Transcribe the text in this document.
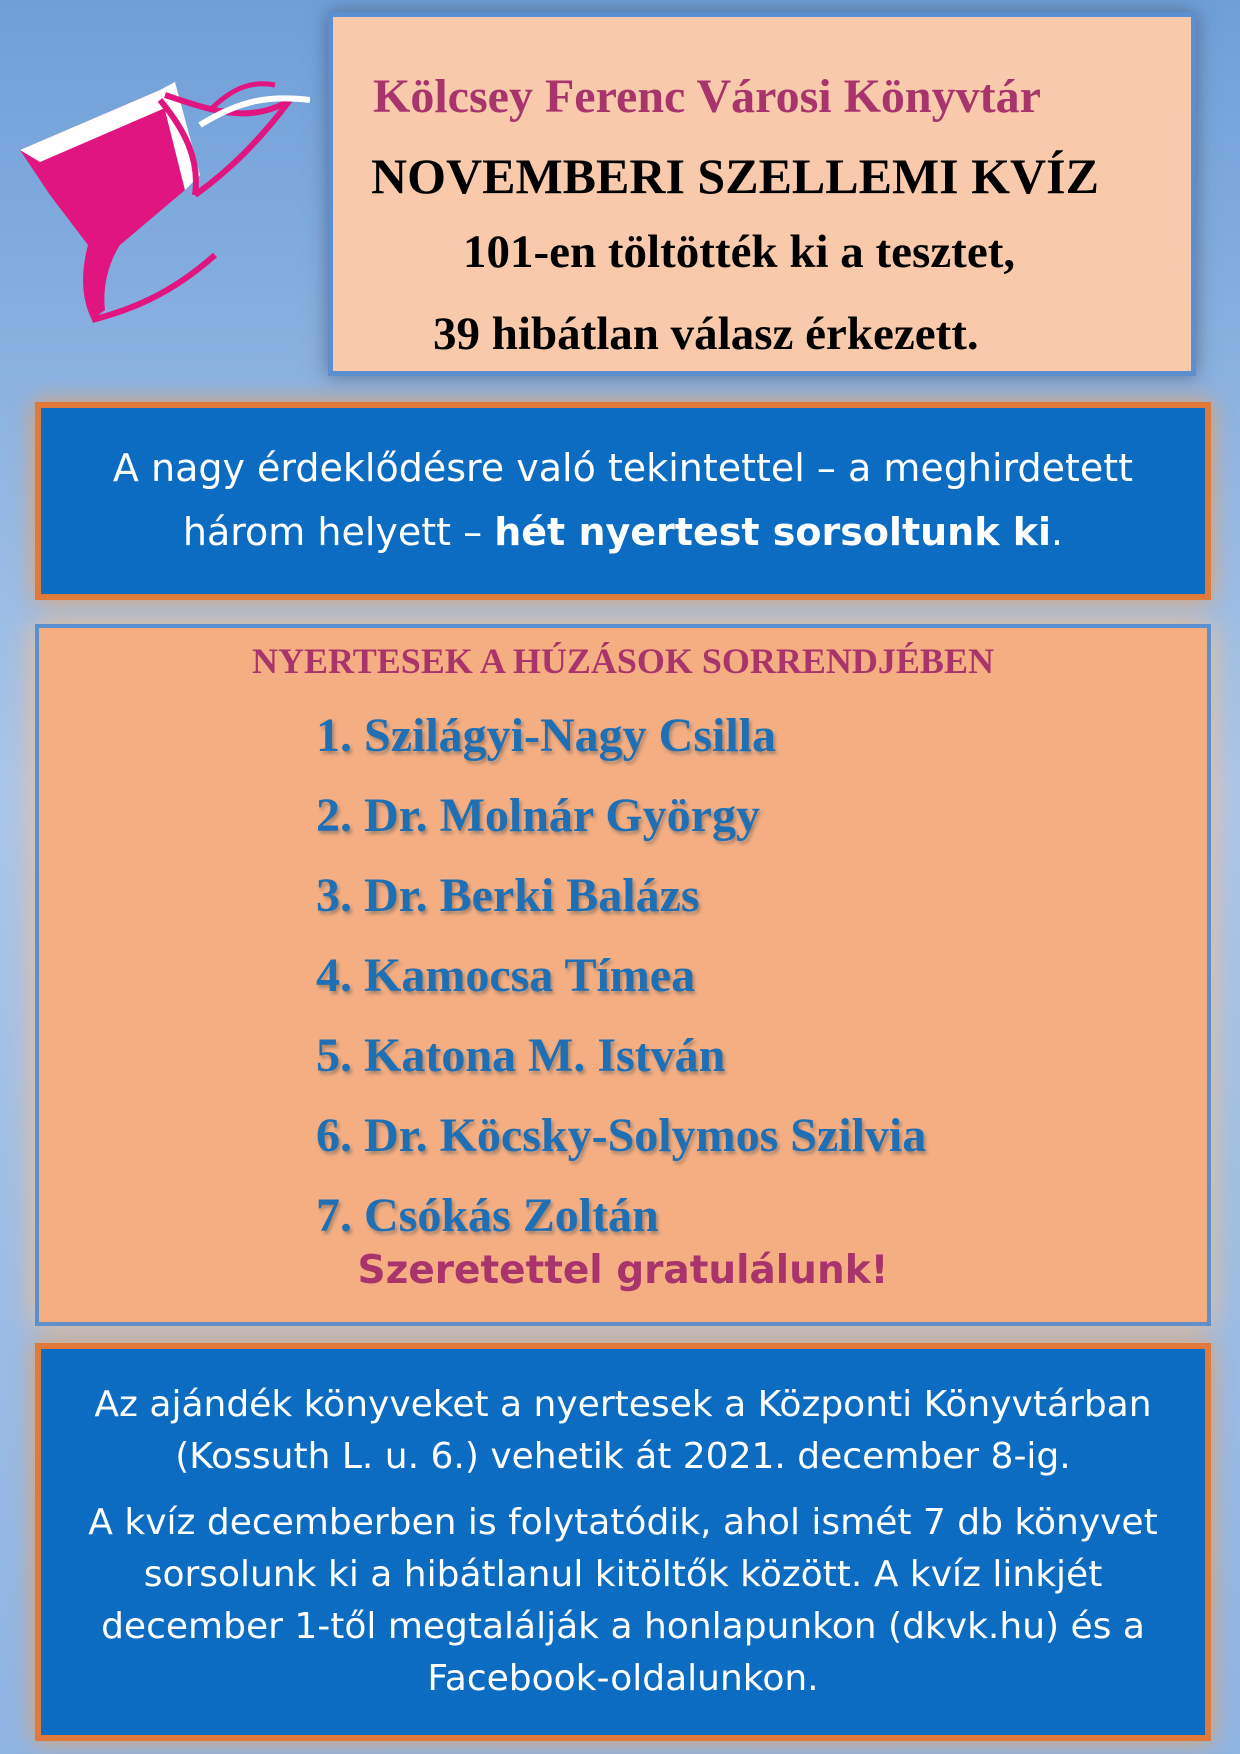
Kölcsey Ferenc Városi Könyvtár
NOVEMBERI SZELLEMI KVÍZ
101-en töltötték ki a tesztet,
39 hibátlan válasz érkezett.
A nagy érdeklődésre való tekintettel – a meghirdetett
három helyett – hét nyertest sorsoltunk ki.
NYERTESEK A HÚZÁSOK SORRENDJÉBEN
1. Szilágyi-Nagy Csilla
2. Dr. Molnár György
3. Dr. Berki Balázs
4. Kamocsa Tímea
5. Katona M. István
6. Dr. Köcsky-Solymos Szilvia
7. Csókás Zoltán
Szeretettel gratulálunk!

Az ajándék könyveket a nyertesek a Központi Könyvtárban
(Kossuth L. u. 6.) vehetik át 2021. december 8-ig.

A kvíz decemberben is folytatódik, ahol ismét 7 db könyvet
sorsolunk ki a hibátlanul kitöltők között. A kvíz linkjét
december 1-től megtalálják a honlapunkon (dkvk.hu) és a
Facebook-oldalunkon.
